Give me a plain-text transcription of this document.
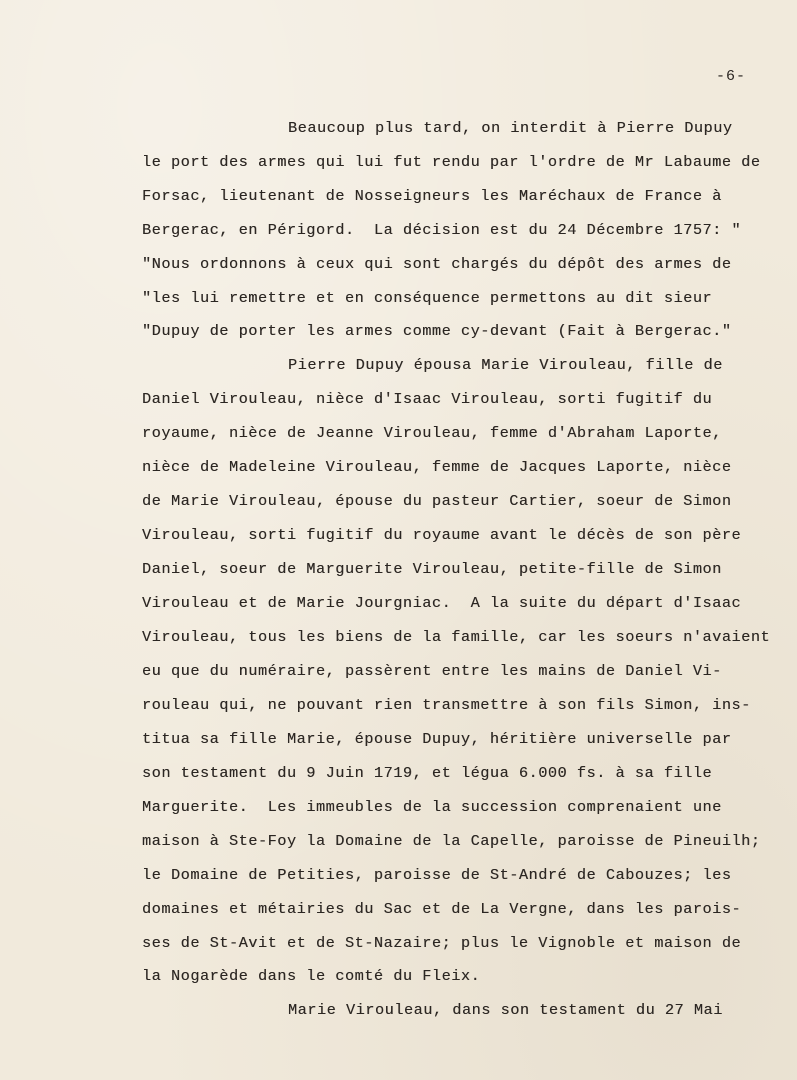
-6-
Beaucoup plus tard, on interdit à Pierre Dupuy
le port des armes qui lui fut rendu par l'ordre de Mr Labaume de
Forsac, lieutenant de Nosseigneurs les Maréchaux de France à
Bergerac, en Périgord.  La décision est du 24 Décembre 1757: "
"Nous ordonnons à ceux qui sont chargés du dépôt des armes de
"les lui remettre et en conséquence permettons au dit sieur
"Dupuy de porter les armes comme cy-devant (Fait à Bergerac."
Pierre Dupuy épousa Marie Virouleau, fille de
Daniel Virouleau, nièce d'Isaac Virouleau, sorti fugitif du
royaume, nièce de Jeanne Virouleau, femme d'Abraham Laporte,
nièce de Madeleine Virouleau, femme de Jacques Laporte, nièce
de Marie Virouleau, épouse du pasteur Cartier, soeur de Simon
Virouleau, sorti fugitif du royaume avant le décès de son père
Daniel, soeur de Marguerite Virouleau, petite-fille de Simon
Virouleau et de Marie Jourgniac.  A la suite du départ d'Isaac
Virouleau, tous les biens de la famille, car les soeurs n'avaient
eu que du numéraire, passèrent entre les mains de Daniel Vi-
rouleau qui, ne pouvant rien transmettre à son fils Simon, ins-
titua sa fille Marie, épouse Dupuy, héritière universelle par
son testament du 9 Juin 1719, et légua 6.000 fs. à sa fille
Marguerite.  Les immeubles de la succession comprenaient une
maison à Ste-Foy la Domaine de la Capelle, paroisse de Pineuilh;
le Domaine de Petities, paroisse de St-André de Cabouzes; les
domaines et métairies du Sac et de La Vergne, dans les parois-
ses de St-Avit et de St-Nazaire; plus le Vignoble et maison de
la Nogarède dans le comté du Fleix.
Marie Virouleau, dans son testament du 27 Mai
